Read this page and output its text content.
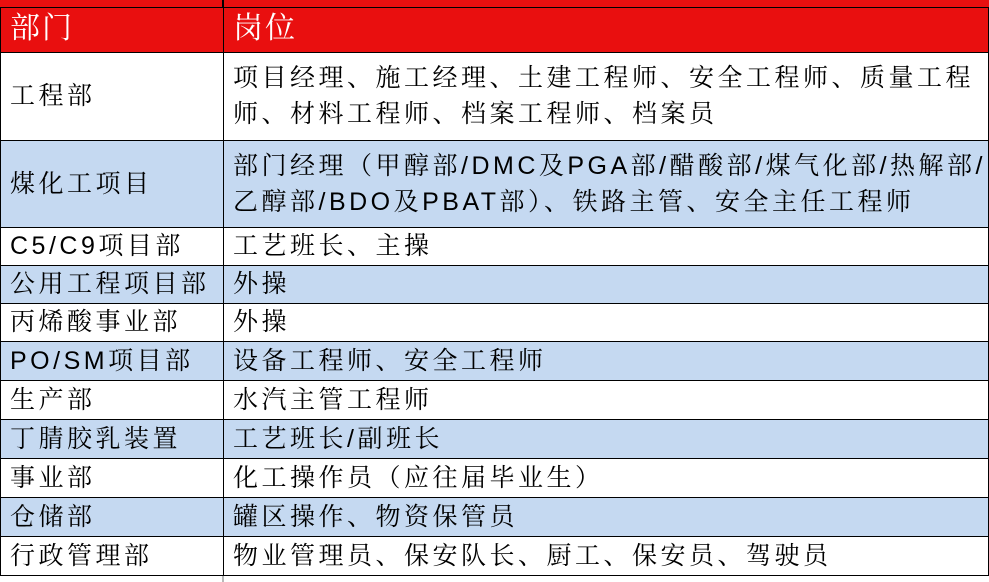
部门	岗位
工程部	项目经理、施工经理、土建工程师、安全工程师、质量工程师、材料工程师、档案工程师、档案员
煤化工项目	部门经理（甲醇部/DMC及PGA部/醋酸部/煤气化部/热解部/乙醇部/BDO及PBAT部）、铁路主管、安全主任工程师
C5/C9项目部	工艺班长、主操
公用工程项目部	外操
丙烯酸事业部	外操
PO/SM项目部	设备工程师、安全工程师
生产部	水汽主管工程师
丁腈胶乳装置	工艺班长/副班长
事业部	化工操作员（应往届毕业生）
仓储部	罐区操作、物资保管员
行政管理部	物业管理员、保安队长、厨工、保安员、驾驶员
